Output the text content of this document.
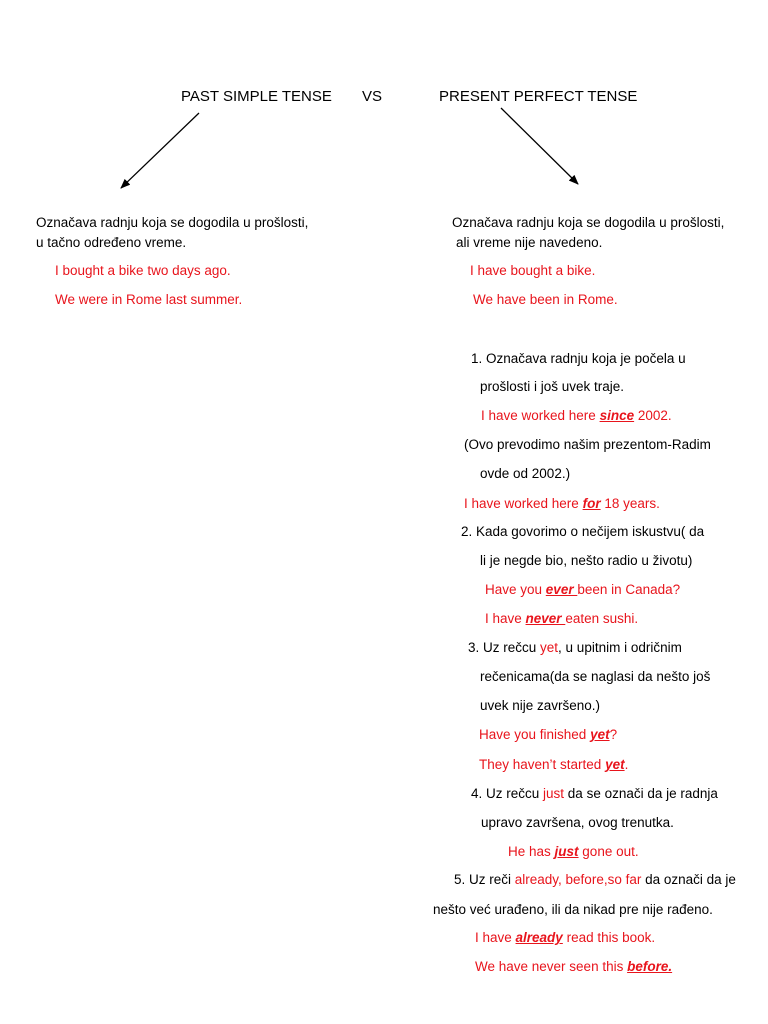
PAST SIMPLE TENSE VS	PRESENT PERFECT TENSE
Označava radnju koja se dogodila u prošlosti,
u tačno određeno vreme.
I bought a bike two days ago.
We were in Rome last summer.
Označava radnju koja se dogodila u prošlosti,
ali vreme nije navedeno.
I have bought a bike.
We have been in Rome.
1. Označava radnju koja je počela u
prošlosti i još uvek traje.
I have worked here since 2002.
(Ovo prevodimo našim prezentom-Radim
ovde od 2002.)
I have worked here for 18 years.
2. Kada govorimo o nečijem iskustvu( da
li je negde bio, nešto radio u životu)
Have you ever been in Canada?
I have never eaten sushi.
3. Uz rečcu yet, u upitnim i odričnim
rečenicama(da se naglasi da nešto još
uvek nije završeno.)
Have you finished yet?
They haven’t started yet.
4. Uz rečcu just da se označi da je radnja
upravo završena, ovog trenutka.
He has just gone out.
5. Uz reči already, before,so far da označi da je
nešto već urađeno, ili da nikad pre nije rađeno.
I have already read this book.
We have never seen this before.
